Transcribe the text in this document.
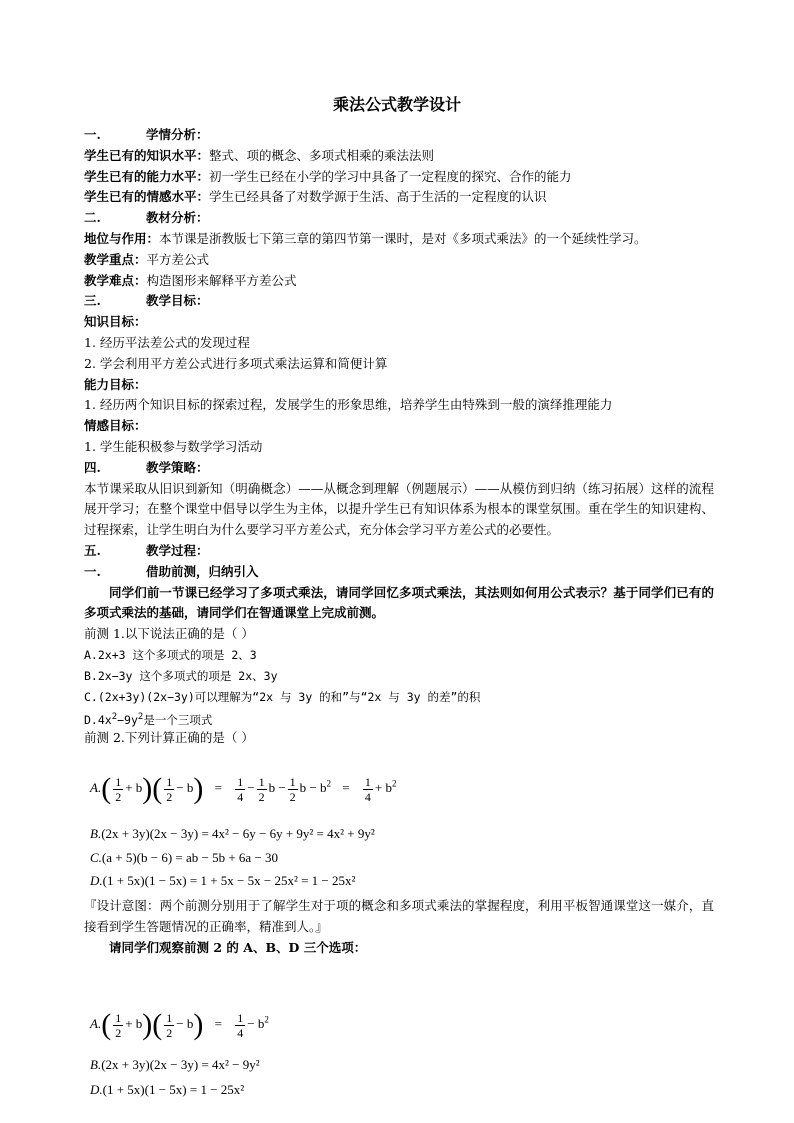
乘法公式教学设计
一.	学情分析：
学生已有的知识水平：整式、项的概念、多项式相乘的乘法法则
学生已有的能力水平：初一学生已经在小学的学习中具备了一定程度的探究、合作的能力
学生已有的情感水平：学生已经具备了对数学源于生活、高于生活的一定程度的认识
二.	教材分析：
地位与作用：本节课是浙教版七下第三章的第四节第一课时，是对《多项式乘法》的一个延续性学习。
教学重点：平方差公式
教学难点：构造图形来解释平方差公式
三.	教学目标：
知识目标：
1. 经历平法差公式的发现过程
2. 学会利用平方差公式进行多项式乘法运算和简便计算
能力目标：
1. 经历两个知识目标的探索过程，发展学生的形象思维，培养学生由特殊到一般的演绎推理能力
情感目标：
1. 学生能积极参与数学学习活动
四.	教学策略：
本节课采取从旧识到新知（明确概念）——从概念到理解（例题展示）——从模仿到归纳（练习拓展）这样的流程展开学习；在整个课堂中倡导以学生为主体，以提升学生已有知识体系为根本的课堂氛围。重在学生的知识建构、过程探索，让学生明白为什么要学习平方差公式，充分体会学习平方差公式的必要性。
五.	教学过程：
一.	借助前测，归纳引入
同学们前一节课已经学习了多项式乘法，请同学回忆多项式乘法，其法则如何用公式表示？基于同学们已有的多项式乘法的基础，请同学们在智通课堂上完成前测。
前测 1.以下说法正确的是（ ）
A.2x+3 这个多项式的项是 2、3
B.2x−3y 这个多项式的项是 2x、3y
C.(2x+3y)(2x−3y)可以理解为“2x 与 3y 的和”与“2x 与 3y 的差”的积
$D.4x^2-9y^2$是一个三项式
前测 2.下列计算正确的是（ ）
$A.( \frac{1}{2} + b)( \frac{1}{2} - b) = \frac{1}{4} - \frac{1}{2}$ $b - \frac{1}{2}$ $b - b^2 = \frac{1}{4} + b^2$
B.(2x + 3y)(2x − 3y) = 4x² − 6y − 6y + 9y² = 4x² + 9y²
C.(a + 5)(b − 6) = ab − 5b + 6a − 30
D.(1 + 5x)(1 − 5x) = 1 + 5x − 5x − 25x² = 1 − 25x²
『设计意图：两个前测分别用于了解学生对于项的概念和多项式乘法的掌握程度，利用平板智通课堂这一媒介，直接看到学生答题情况的正确率，精准到人。』
请同学们观察前测 2 的 A、B、D 三个选项：
$A.( \frac{1}{2} + b)( \frac{1}{2} - b) = \frac{1}{4} - b^2$
B.(2x + 3y)(2x − 3y) = 4x² − 9y²
D.(1 + 5x)(1 − 5x) = 1 − 25x²
